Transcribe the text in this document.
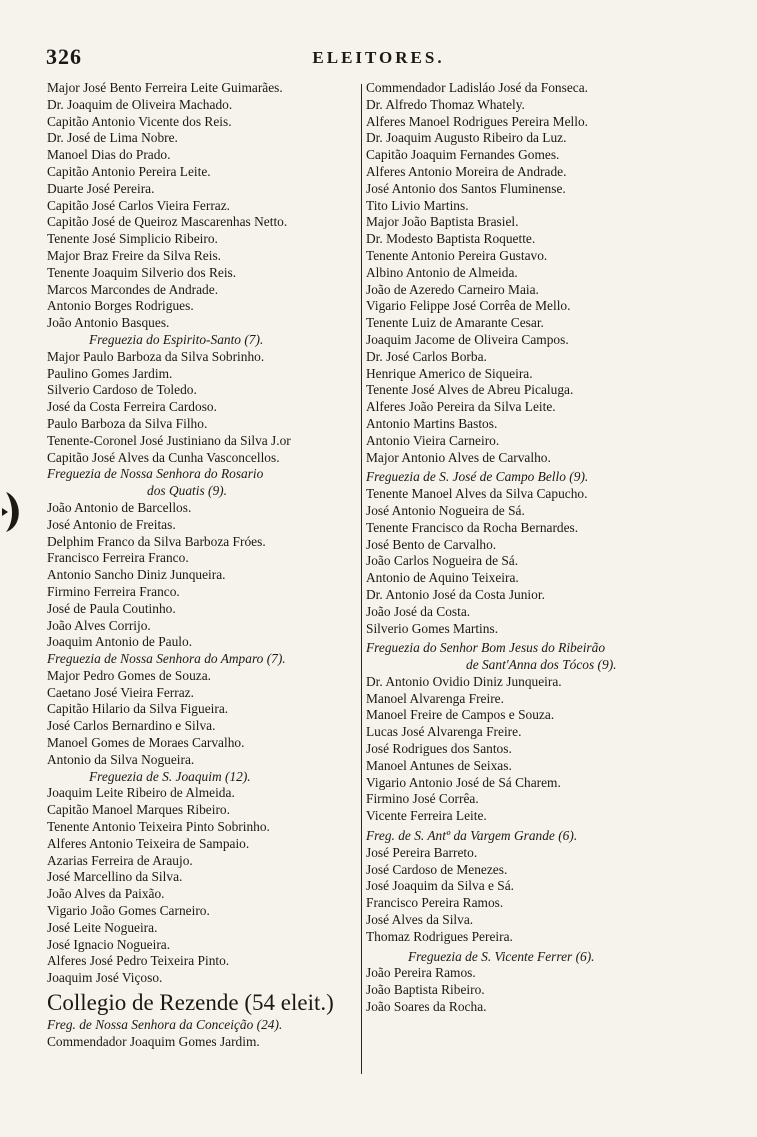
326	ELEITORES.
Major José Bento Ferreira Leite Guimarães.
Dr. Joaquim de Oliveira Machado.
Capitão Antonio Vicente dos Reis.
Dr. José de Lima Nobre.
Manoel Dias do Prado.
Capitão Antonio Pereira Leite.
Duarte José Pereira.
Capitão José Carlos Vieira Ferraz.
Capitão José de Queiroz Mascarenhas Netto.
Tenente José Simplicio Ribeiro.
Major Braz Freire da Silva Reis.
Tenente Joaquim Silverio dos Reis.
Marcos Marcondes de Andrade.
Antonio Borges Rodrigues.
João Antonio Basques.
Freguezia do Espirito-Santo (7).
Major Paulo Barboza da Silva Sobrinho.
Paulino Gomes Jardim.
Silverio Cardoso de Toledo.
José da Costa Ferreira Cardoso.
Paulo Barboza da Silva Filho.
Tenente-Coronel José Justiniano da Silva J.or
Capitão José Alves da Cunha Vasconcellos.
Freguezia de Nossa Senhora do Rosario
dos Quatis (9).
João Antonio de Barcellos.
José Antonio de Freitas.
Delphim Franco da Silva Barboza Fróes.
Francisco Ferreira Franco.
Antonio Sancho Diniz Junqueira.
Firmino Ferreira Franco.
José de Paula Coutinho.
João Alves Corrijo.
Joaquim Antonio de Paulo.
Freguezia de Nossa Senhora do Amparo (7).
Major Pedro Gomes de Souza.
Caetano José Vieira Ferraz.
Capitão Hilario da Silva Figueira.
José Carlos Bernardino e Silva.
Manoel Gomes de Moraes Carvalho.
Antonio da Silva Nogueira.
Freguezia de S. Joaquim (12).
Joaquim Leite Ribeiro de Almeida.
Capitão Manoel Marques Ribeiro.
Tenente Antonio Teixeira Pinto Sobrinho.
Alferes Antonio Teixeira de Sampaio.
Azarias Ferreira de Araujo.
José Marcellino da Silva.
João Alves da Paixão.
Vigario João Gomes Carneiro.
José Leite Nogueira.
José Ignacio Nogueira.
Alferes José Pedro Teixeira Pinto.
Joaquim José Viçoso.
Collegio de Rezende (54 eleit.)
Freg. de Nossa Senhora da Conceição (24).
Commendador Joaquim Gomes Jardim.
Commendador Ladisláo José da Fonseca.
Dr. Alfredo Thomaz Whately.
Alferes Manoel Rodrigues Pereira Mello.
Dr. Joaquim Augusto Ribeiro da Luz.
Capitão Joaquim Fernandes Gomes.
Alferes Antonio Moreira de Andrade.
José Antonio dos Santos Fluminense.
Tito Livio Martins.
Major João Baptista Brasiel.
Dr. Modesto Baptista Roquette.
Tenente Antonio Pereira Gustavo.
Albino Antonio de Almeida.
João de Azeredo Carneiro Maia.
Vigario Felippe José Corrêa de Mello.
Tenente Luiz de Amarante Cesar.
Joaquim Jacome de Oliveira Campos.
Dr. José Carlos Borba.
Henrique Americo de Siqueira.
Tenente José Alves de Abreu Picaluga.
Alferes João Pereira da Silva Leite.
Antonio Martins Bastos.
Antonio Vieira Carneiro.
Major Antonio Alves de Carvalho.
Freguezia de S. José de Campo Bello (9).
Tenente Manoel Alves da Silva Capucho.
José Antonio Nogueira de Sá.
Tenente Francisco da Rocha Bernardes.
José Bento de Carvalho.
João Carlos Nogueira de Sá.
Antonio de Aquino Teixeira.
Dr. Antonio José da Costa Junior.
João José da Costa.
Silverio Gomes Martins.
Freguezia do Senhor Bom Jesus do Ribeirão
de Sant'Anna dos Tócos (9).
Dr. Antonio Ovidio Diniz Junqueira.
Manoel Alvarenga Freire.
Manoel Freire de Campos e Souza.
Lucas José Alvarenga Freire.
José Rodrigues dos Santos.
Manoel Antunes de Seixas.
Vigario Antonio José de Sá Charem.
Firmino José Corrêa.
Vicente Ferreira Leite.
Freg. de S. Antº da Vargem Grande (6).
José Pereira Barreto.
José Cardoso de Menezes.
José Joaquim da Silva e Sá.
Francisco Pereira Ramos.
José Alves da Silva.
Thomaz Rodrigues Pereira.
Freguezia de S. Vicente Ferrer (6).
João Pereira Ramos.
João Baptista Ribeiro.
João Soares da Rocha.
